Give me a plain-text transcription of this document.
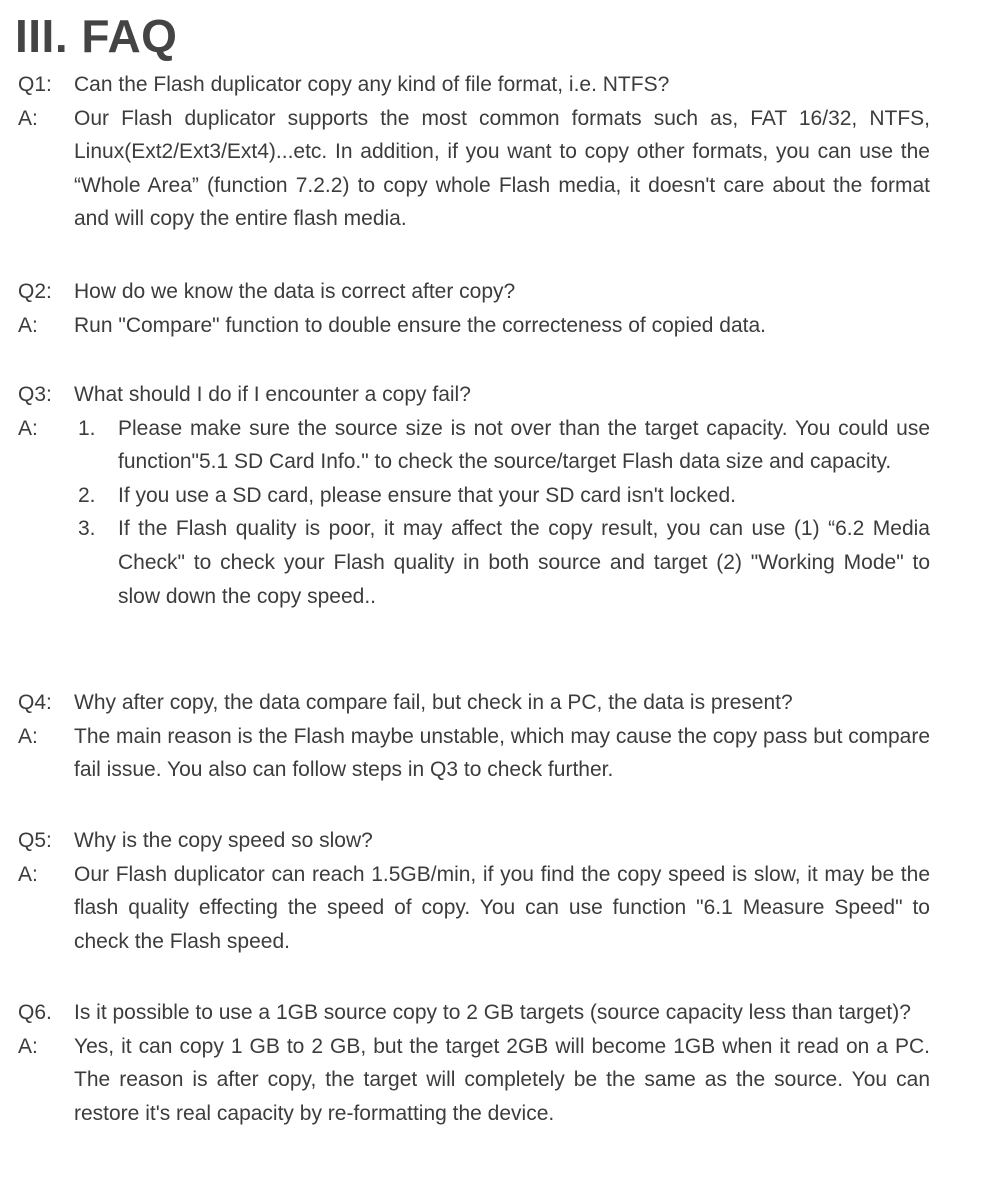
III. FAQ
Q1:	Can the Flash duplicator copy any kind of file format, i.e. NTFS?
A:	Our Flash duplicator supports the most common formats such as, FAT 16/32, NTFS, Linux(Ext2/Ext3/Ext4)...etc. In addition, if you want to copy other formats, you can use the “Whole Area” (function 7.2.2) to copy whole Flash media, it doesn't care about the format and will copy the entire flash media.
Q2:	How do we know the data is correct after copy?
A:	Run "Compare" function to double ensure the correcteness of copied data.
Q3:	What should I do if I encounter a copy fail?
A:	1.	Please make sure the source size is not over than the target capacity. You could use function"5.1 SD Card Info." to check the source/target Flash data size and capacity.
2.	If you use a SD card, please ensure that your SD card isn't locked.
3.	If the Flash quality is poor, it may affect the copy result, you can use (1) “6.2 Media Check" to check your Flash quality in both source and target (2) "Working Mode" to slow down the copy speed..
Q4:	Why after copy, the data compare fail, but check in a PC, the data is present?
A:	The main reason is the Flash maybe unstable, which may cause the copy pass but compare fail issue. You also can follow steps in Q3 to check further.
Q5:	Why is the copy speed so slow?
A:	Our Flash duplicator can reach 1.5GB/min, if you find the copy speed is slow, it may be the flash quality effecting the speed of copy. You can use function "6.1 Measure Speed" to check the Flash speed.
Q6.	Is it possible to use a 1GB source copy to 2 GB targets (source capacity less than target)?
A:	Yes, it can copy 1 GB to 2 GB, but the target 2GB will become 1GB when it read on a PC. The reason is after copy, the target will completely be the same as the source. You can restore it's real capacity by re-formatting the device.
